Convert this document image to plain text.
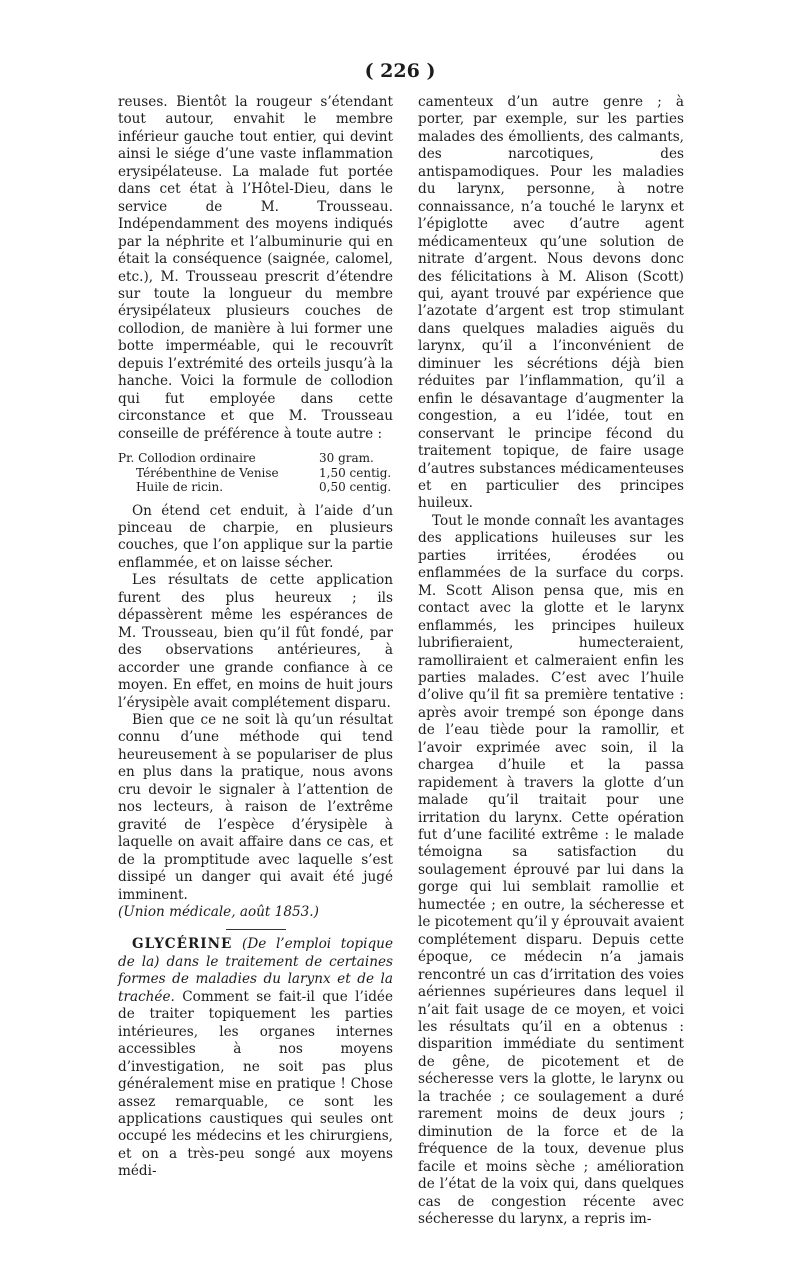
( 226 )

reuses. Bientôt la rougeur s’étendant tout autour, envahit le membre inférieur gauche tout entier, qui devint ainsi le siége d’une vaste inflammation erysipélateuse. La malade fut portée dans cet état à l’Hôtel-Dieu, dans le service de M. Trousseau. Indépendamment des moyens indiqués par la néphrite et l’albuminurie qui en était la conséquence (saignée, calomel, etc.), M. Trousseau prescrit d’étendre sur toute la longueur du membre érysipélateux plusieurs couches de collodion, de manière à lui former une botte imperméable, qui le recouvrît depuis l’extrémité des orteils jusqu’à la hanche. Voici la formule de collodion qui fut employée dans cette circonstance et que M. Trousseau conseille de préférence à toute autre :

Pr. Collodion ordinaire	30 gram.
Térébenthine de Venise	1,50 centig.
Huile de ricin.	0,50 centig.

On étend cet enduit, à l’aide d’un pinceau de charpie, en plusieurs couches, que l’on applique sur la partie enflammée, et on laisse sécher.

Les résultats de cette application furent des plus heureux ; ils dépassèrent même les espérances de M. Trousseau, bien qu’il fût fondé, par des observations antérieures, à accorder une grande confiance à ce moyen. En effet, en moins de huit jours l’érysipèle avait complétement disparu.

Bien que ce ne soit là qu’un résultat connu d’une méthode qui tend heureusement à se populariser de plus en plus dans la pratique, nous avons cru devoir le signaler à l’attention de nos lecteurs, à raison de l’extrême gravité de l’espèce d’érysipèle à laquelle on avait affaire dans ce cas, et de la promptitude avec laquelle s’est dissipé un danger qui avait été jugé imminent.

(Union médicale, août 1853.)

GLYCÉRINE (De l’emploi topique de la) dans le traitement de certaines formes de maladies du larynx et de la trachée. Comment se fait-il que l’idée de traiter topiquement les parties intérieures, les organes internes accessibles à nos moyens d’investigation, ne soit pas plus généralement mise en pratique ! Chose assez remarquable, ce sont les applications caustiques qui seules ont occupé les médecins et les chirurgiens, et on a très-peu songé aux moyens médi-

camenteux d’un autre genre ; à porter, par exemple, sur les parties malades des émollients, des calmants, des narcotiques, des antispamodiques. Pour les maladies du larynx, personne, à notre connaissance, n’a touché le larynx et l’épiglotte avec d’autre agent médicamenteux qu’une solution de nitrate d’argent. Nous devons donc des félicitations à M. Alison (Scott) qui, ayant trouvé par expérience que l’azotate d’argent est trop stimulant dans quelques maladies aiguës du larynx, qu’il a l’inconvénient de diminuer les sécrétions déjà bien réduites par l’inflammation, qu’il a enfin le désavantage d’augmenter la congestion, a eu l’idée, tout en conservant le principe fécond du traitement topique, de faire usage d’autres substances médicamenteuses et en particulier des principes huileux.

Tout le monde connaît les avantages des applications huileuses sur les parties irritées, érodées ou enflammées de la surface du corps. M. Scott Alison pensa que, mis en contact avec la glotte et le larynx enflammés, les principes huileux lubrifieraient, humecteraient, ramolliraient et calmeraient enfin les parties malades. C’est avec l’huile d’olive qu’il fit sa première tentative : après avoir trempé son éponge dans de l’eau tiède pour la ramollir, et l’avoir exprimée avec soin, il la chargea d’huile et la passa rapidement à travers la glotte d’un malade qu’il traitait pour une irritation du larynx. Cette opération fut d’une facilité extrême : le malade témoigna sa satisfaction du soulagement éprouvé par lui dans la gorge qui lui semblait ramollie et humectée ; en outre, la sécheresse et le picotement qu’il y éprouvait avaient complétement disparu. Depuis cette époque, ce médecin n’a jamais rencontré un cas d’irritation des voies aériennes supérieures dans lequel il n’ait fait usage de ce moyen, et voici les résultats qu’il en a obtenus : disparition immédiate du sentiment de gêne, de picotement et de sécheresse vers la glotte, le larynx ou la trachée ; ce soulagement a duré rarement moins de deux jours ; diminution de la force et de la fréquence de la toux, devenue plus facile et moins sèche ; amélioration de l’état de la voix qui, dans quelques cas de congestion récente avec sécheresse du larynx, a repris im-
